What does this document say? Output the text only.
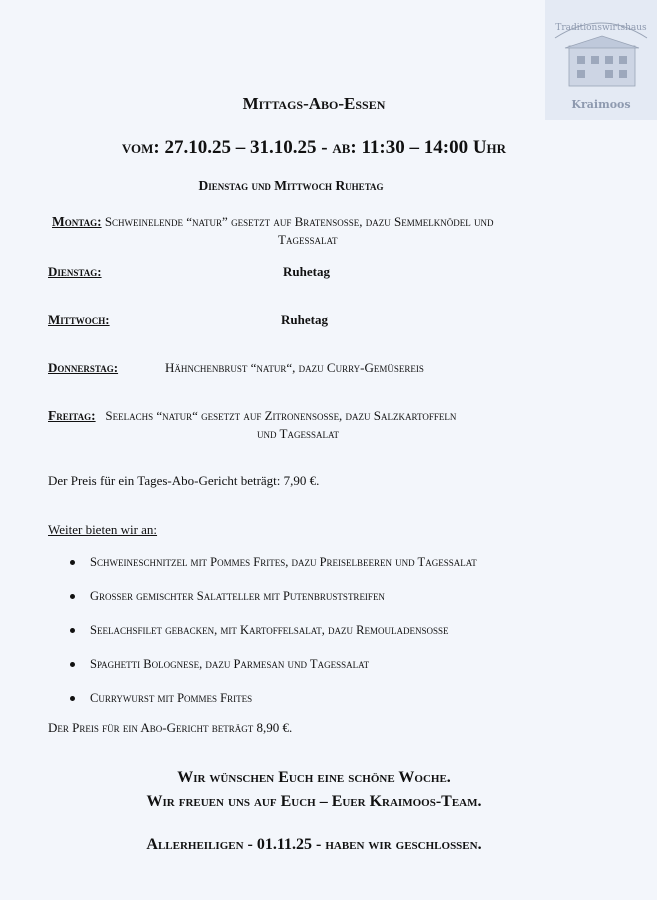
Traditionswirtshaus
Kraimoos
Mittags-Abo-Essen
vom: 27.10.25 – 31.10.25 - ab: 11:30 – 14:00 Uhr
Dienstag und Mittwoch Ruhetag
Montag: Schweinelende “natur” gesetzt auf Bratensoße, dazu Semmelknödel und
Tagessalat
Dienstag:	Ruhetag
Mittwoch:	Ruhetag
Donnerstag:	Hähnchenbrust “natur“, dazu Curry-Gemüsereis
Freitag: Seelachs “natur“ gesetzt auf Zitronensoße, dazu Salzkartoffeln
und Tagessalat
Der Preis für ein Tages-Abo-Gericht beträgt: 7,90 €.
Weiter bieten wir an:
Schweineschnitzel mit Pommes Frites, dazu Preiselbeeren und Tagessalat
Großer gemischter Salatteller mit Putenbruststreifen
Seelachsfilet gebacken, mit Kartoffelsalat, dazu Remouladensoße
Spaghetti Bolognese, dazu Parmesan und Tagessalat
Currywurst mit Pommes Frites
Der Preis für ein Abo-Gericht beträgt 8,90 €.
Wir wünschen Euch eine schöne Woche.
Wir freuen uns auf Euch – Euer Kraimoos-Team.
Allerheiligen - 01.11.25 - haben wir geschlossen.
